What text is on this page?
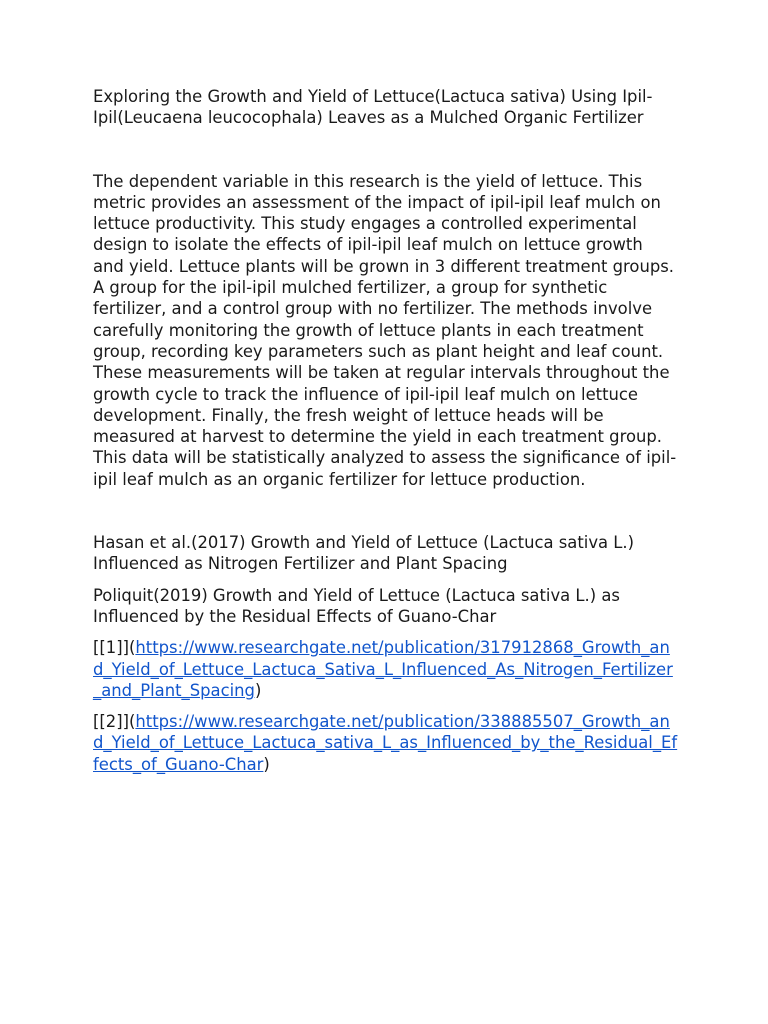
Exploring the Growth and Yield of Lettuce(Lactuca sativa) Using Ipil-Ipil(Leucaena leucocophala) Leaves as a Mulched Organic Fertilizer

The dependent variable in this research is the yield of lettuce. This metric provides an assessment of the impact of ipil-ipil leaf mulch on lettuce productivity. This study engages a controlled experimental design to isolate the effects of ipil-ipil leaf mulch on lettuce growth and yield. Lettuce plants will be grown in 3 different treatment groups. A group for the ipil-ipil mulched fertilizer, a group for synthetic fertilizer, and a control group with no fertilizer. The methods involve carefully monitoring the growth of lettuce plants in each treatment group, recording key parameters such as plant height and leaf count. These measurements will be taken at regular intervals throughout the growth cycle to track the influence of ipil-ipil leaf mulch on lettuce development. Finally, the fresh weight of lettuce heads will be measured at harvest to determine the yield in each treatment group. This data will be statistically analyzed to assess the significance of ipil-ipil leaf mulch as an organic fertilizer for lettuce production.

Hasan et al.(2017) Growth and Yield of Lettuce (Lactuca sativa L.) Influenced as Nitrogen Fertilizer and Plant Spacing

Poliquit(2019) Growth and Yield of Lettuce (Lactuca sativa L.) as Influenced by the Residual Effects of Guano-Char

[[1]](https://www.researchgate.net/publication/317912868_Growth_and_Yield_of_Lettuce_Lactuca_Sativa_L_Influenced_As_Nitrogen_Fertilizer_and_Plant_Spacing)

[[2]](https://www.researchgate.net/publication/338885507_Growth_and_Yield_of_Lettuce_Lactuca_sativa_L_as_Influenced_by_the_Residual_Effects_of_Guano-Char)
